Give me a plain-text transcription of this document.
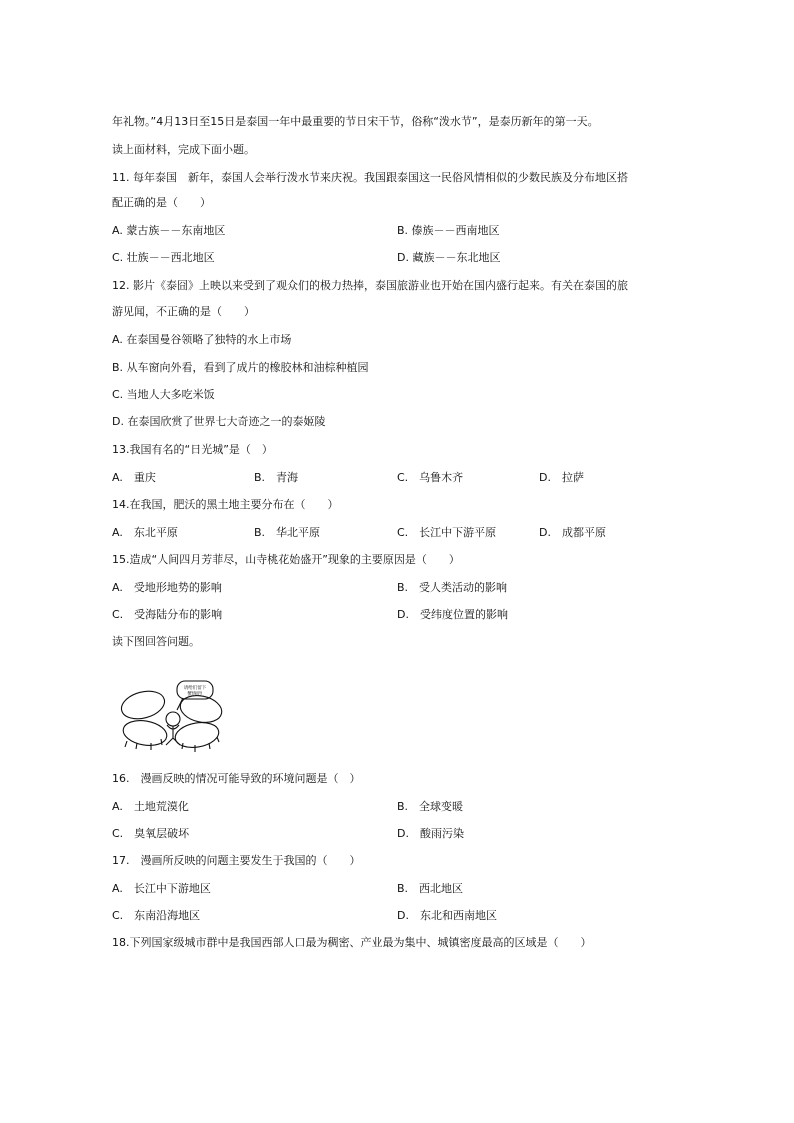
年礼物。”4月13日至15日是泰国一年中最重要的节日宋干节，俗称“泼水节”，是泰历新年的第一天。
读上面材料，完成下面小题。
11. 每年泰国　新年，泰国人会举行泼水节来庆祝。我国跟泰国这一民俗风情相似的少数民族及分布地区搭
配正确的是（　　）
A. 蒙古族－－东南地区	B. 傣族－－西南地区
C. 壮族－－西北地区	D. 藏族－－东北地区
12. 影片《泰囧》上映以来受到了观众们的极力热捧，泰国旅游业也开始在国内盛行起来。有关在泰国的旅
游见闻，不正确的是（　　）
A. 在泰国曼谷领略了独特的水上市场
B. 从车窗向外看，看到了成片的橡胶林和油棕种植园
C. 当地人大多吃米饭
D. 在泰国欣赏了世界七大奇迹之一的泰姬陵
13.我国有名的“日光城”是（　）
A.　重庆	B.　青海	C.　乌鲁木齐	D.　拉萨
14.在我国，肥沃的黑土地主要分布在（　　）
A.　东北平原	B.　华北平原	C.　长江中下游平原	D.　成都平原
15.造成“人间四月芳菲尽，山寺桃花始盛开”现象的主要原因是（　　）
A.　受地形地势的影响	B.　受人类活动的影响
C.　受海陆分布的影响	D.　受纬度位置的影响
读下图回答问题。
请给们留下
蟹情吧!
16.　漫画反映的情况可能导致的环境问题是（　）
A.　土地荒漠化	B.　全球变暖
C.　臭氧层破坏	D.　酸雨污染
17.　漫画所反映的问题主要发生于我国的（　　）
A.　长江中下游地区	B.　西北地区
C.　东南沿海地区	D.　东北和西南地区
18.下列国家级城市群中是我国西部人口最为稠密、产业最为集中、城镇密度最高的区域是（　　）
